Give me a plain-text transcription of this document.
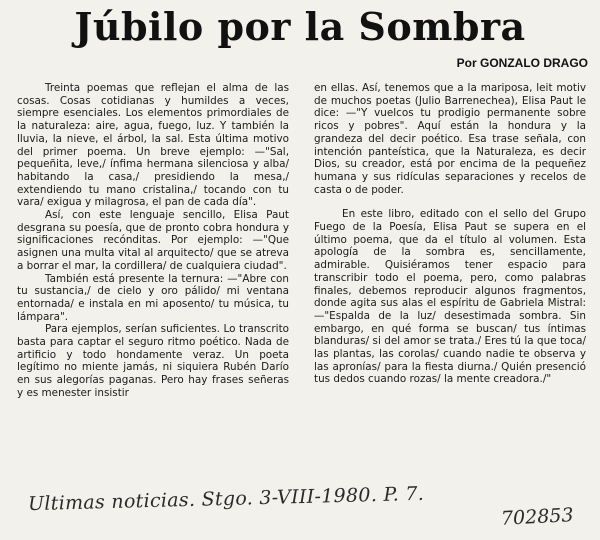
Júbilo por la Sombra
Por GONZALO DRAGO

Treinta poemas que reflejan el alma de las cosas. Cosas cotidianas y humildes a veces, siempre esenciales. Los elementos primordiales de la naturaleza: aire, agua, fuego, luz. Y también la lluvia, la nieve, el árbol, la sal. Esta última motivo del primer poema. Un breve ejemplo: —"Sal, pequeñita, leve,/ ínfima hermana silenciosa y alba/ habitando la casa,/ presidiendo la mesa,/ extendiendo tu mano cristalina,/ tocando con tu vara/ exigua y milagrosa, el pan de cada día".

Así, con este lenguaje sencillo, Elisa Paut desgrana su poesía, que de pronto cobra hondura y significaciones recónditas. Por ejemplo: —"Que asignen una multa vital al arquitecto/ que se atreva a borrar el mar, la cordillera/ de cualquiera ciudad".

También está presente la ternura: —"Abre con tu sustancia,/ de cielo y oro pálido/ mi ventana entornada/ e instala en mi aposento/ tu música, tu lámpara".

Para ejemplos, serían suficientes. Lo transcrito basta para captar el seguro ritmo poético. Nada de artificio y todo hondamente veraz. Un poeta legítimo no miente jamás, ni siquiera Rubén Darío en sus alegorías paganas. Pero hay frases señeras y es menester insistir

en ellas. Así, tenemos que a la mariposa, leit motiv de muchos poetas (Julio Barrenechea), Elisa Paut le dice: —"Y vuelcos tu prodigio permanente sobre ricos y pobres". Aquí están la hondura y la grandeza del decir poético. Esa trase señala, con intención panteística, que la Naturaleza, es decir Dios, su creador, está por encima de la pequeñez humana y sus ridículas separaciones y recelos de casta o de poder.

En este libro, editado con el sello del Grupo Fuego de la Poesía, Elisa Paut se supera en el último poema, que da el título al volumen. Esta apología de la sombra es, sencillamente, admirable. Quisiéramos tener espacio para transcribir todo el poema, pero, como palabras finales, debemos reproducir algunos fragmentos, donde agita sus alas el espíritu de Gabriela Mistral: —"Espalda de la luz/ desestimada sombra. Sin embargo, en qué forma se buscan/ tus íntimas blanduras/ si del amor se trata./ Eres tú la que toca/ las plantas, las corolas/ cuando nadie te observa y las apronías/ para la fiesta diurna./ Quién presenció tus dedos cuando rozas/ la mente creadora./"

Ultimas noticias. Stgo. 3-VIII-1980. P. 7.
702853
